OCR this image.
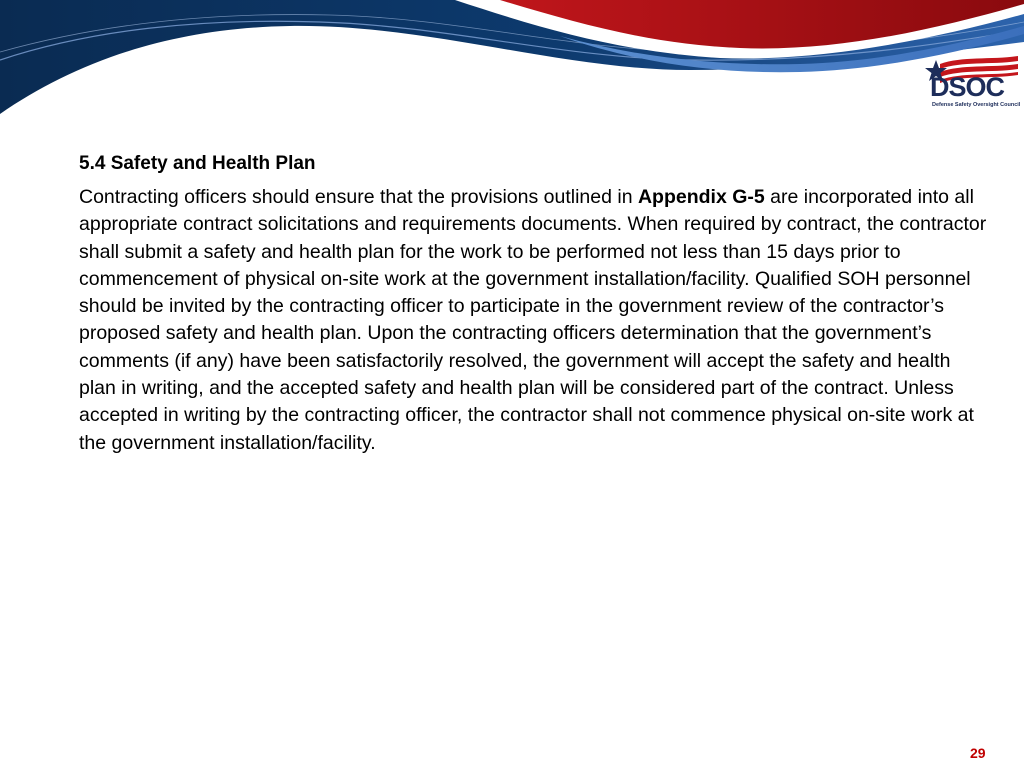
DSOC
Defense Safety Oversight Council
5.4 Safety and Health Plan
Contracting officers should ensure that the provisions outlined in Appendix G-5 are incorporated into all appropriate contract solicitations and requirements documents. When required by contract, the contractor shall submit a safety and health plan for the work to be performed not less than 15 days prior to commencement of physical on-site work at the government installation/facility. Qualified SOH personnel should be invited by the contracting officer to participate in the government review of the contractor’s proposed safety and health plan. Upon the contracting officers determination that the government’s comments (if any) have been satisfactorily resolved, the government will accept the safety and health plan in writing, and the accepted safety and health plan will be considered part of the contract. Unless accepted in writing by the contracting officer, the contractor shall not commence physical on-site work at the government installation/facility.
29
